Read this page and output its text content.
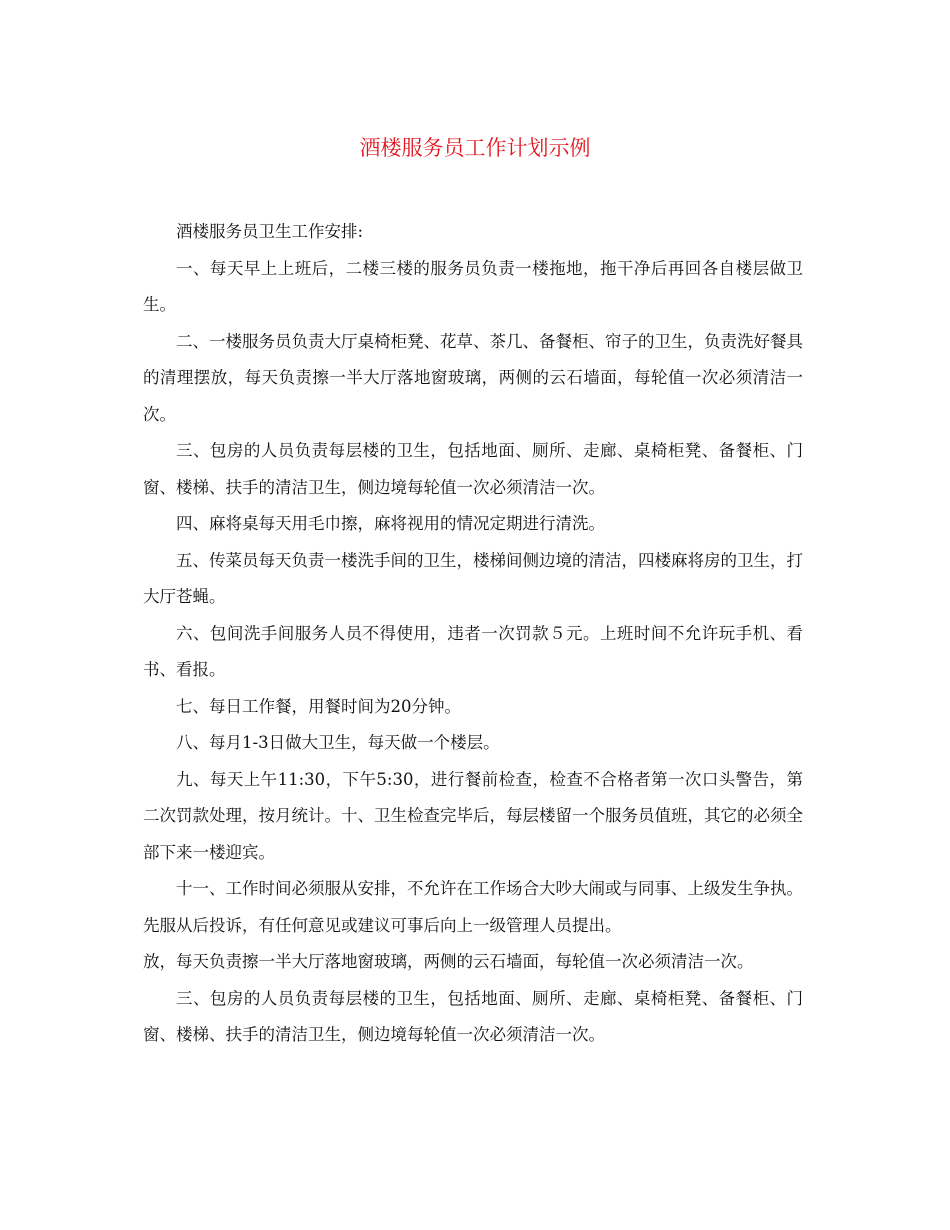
酒楼服务员工作计划示例

酒楼服务员卫生工作安排:

一、每天早上上班后，二楼三楼的服务员负责一楼拖地，拖干净后再回各自楼层做卫生。

二、一楼服务员负责大厅桌椅柜凳、花草、茶几、备餐柜、帘子的卫生，负责洗好餐具的清理摆放，每天负责擦一半大厅落地窗玻璃，两侧的云石墙面，每轮值一次必须清洁一次。

三、包房的人员负责每层楼的卫生，包括地面、厕所、走廊、桌椅柜凳、备餐柜、门窗、楼梯、扶手的清洁卫生，侧边境每轮值一次必须清洁一次。

四、麻将桌每天用毛巾擦，麻将视用的情况定期进行清洗。

五、传菜员每天负责一楼洗手间的卫生，楼梯间侧边境的清洁，四楼麻将房的卫生，打大厅苍蝇。

六、包间洗手间服务人员不得使用，违者一次罚款５元。上班时间不允许玩手机、看书、看报。

七、每日工作餐，用餐时间为20分钟。

八、每月1-3日做大卫生，每天做一个楼层。

九、每天上午11:30，下午5:30，进行餐前检查，检查不合格者第一次口头警告，第二次罚款处理，按月统计。十、卫生检查完毕后，每层楼留一个服务员值班，其它的必须全部下来一楼迎宾。

十一、工作时间必须服从安排，不允许在工作场合大吵大闹或与同事、上级发生争执。先服从后投诉，有任何意见或建议可事后向上一级管理人员提出。

放，每天负责擦一半大厅落地窗玻璃，两侧的云石墙面，每轮值一次必须清洁一次。

三、包房的人员负责每层楼的卫生，包括地面、厕所、走廊、桌椅柜凳、备餐柜、门窗、楼梯、扶手的清洁卫生，侧边境每轮值一次必须清洁一次。
